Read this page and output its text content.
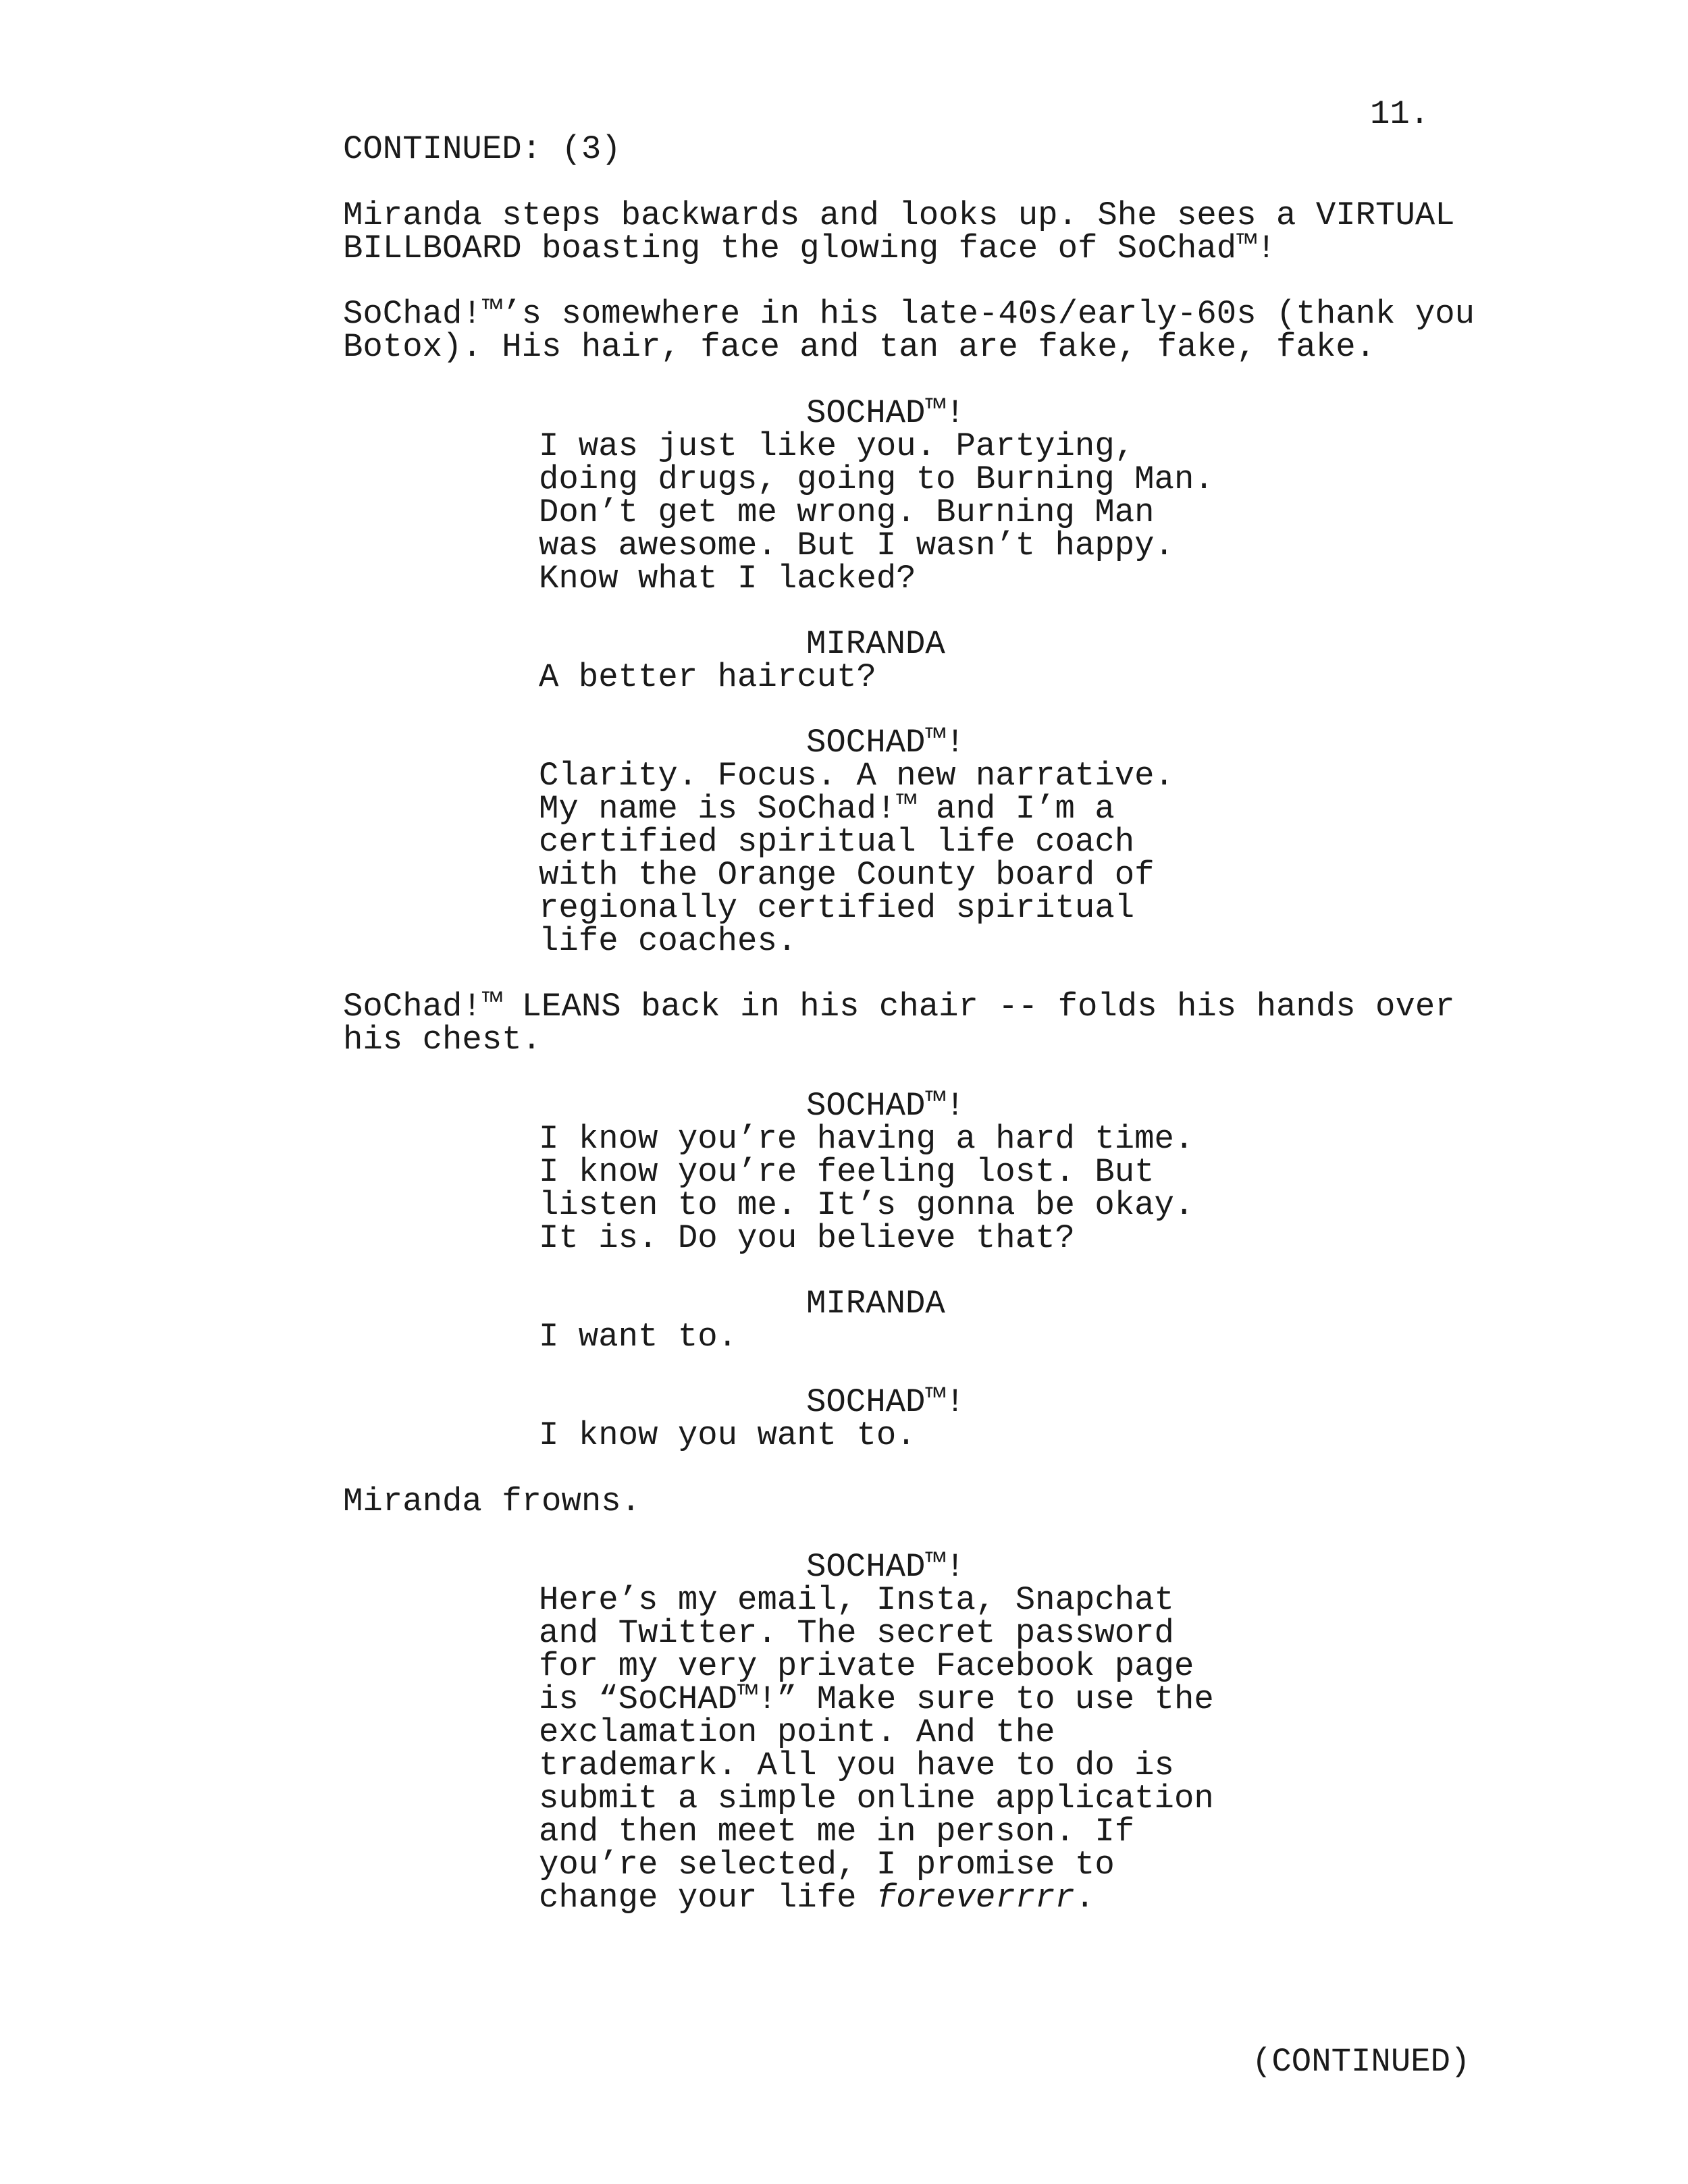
11.
CONTINUED: (3)
Miranda steps backwards and looks up. She sees a VIRTUAL
BILLBOARD boasting the glowing face of SoChad™!
SoChad!™’s somewhere in his late-40s/early-60s (thank you
Botox). His hair, face and tan are fake, fake, fake.
SOCHAD™!
I was just like you. Partying,
doing drugs, going to Burning Man.
Don’t get me wrong. Burning Man
was awesome. But I wasn’t happy.
Know what I lacked?
MIRANDA
A better haircut?
SOCHAD™!
Clarity. Focus. A new narrative.
My name is SoChad!™ and I’m a
certified spiritual life coach
with the Orange County board of
regionally certified spiritual
life coaches.
SoChad!™ LEANS back in his chair -- folds his hands over
his chest.
SOCHAD™!
I know you’re having a hard time.
I know you’re feeling lost. But
listen to me. It’s gonna be okay.
It is. Do you believe that?
MIRANDA
I want to.
SOCHAD™!
I know you want to.
Miranda frowns.
SOCHAD™!
Here’s my email, Insta, Snapchat
and Twitter. The secret password
for my very private Facebook page
is “SoCHAD™!” Make sure to use the
exclamation point. And the
trademark. All you have to do is
submit a simple online application
and then meet me in person. If
you’re selected, I promise to
change your life foreverrrr.
(CONTINUED)
